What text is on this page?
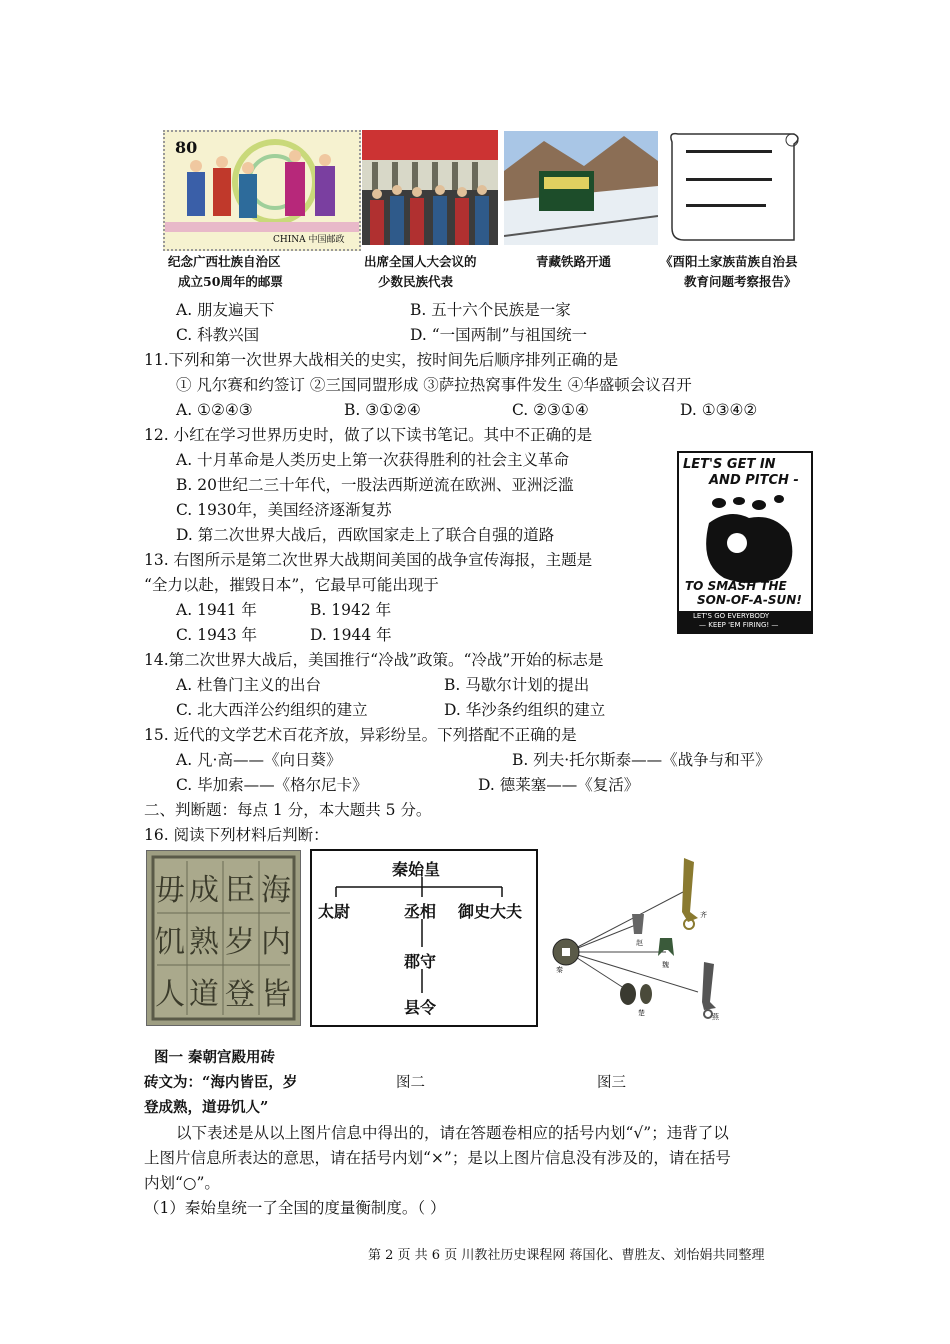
80
CHINA 中国邮政
纪念广西壮族自治区
成立50周年的邮票
出席全国人大会议的
少数民族代表
青藏铁路开通	《酉阳土家族苗族自治县
教育问题考察报告》
A. 朋友遍天下	B. 五十六个民族是一家
C. 科教兴国	D. “一国两制”与祖国统一
11.下列和第一次世界大战相关的史实，按时间先后顺序排列正确的是
① 凡尔赛和约签订 ②三国同盟形成 ③萨拉热窝事件发生 ④华盛顿会议召开
A. ①②④③	B. ③①②④	C. ②③①④	D. ①③④②
12. 小红在学习世界历史时，做了以下读书笔记。其中不正确的是
A. 十月革命是人类历史上第一次获得胜利的社会主义革命
B. 20世纪二三十年代，一股法西斯逆流在欧洲、亚洲泛滥
C. 1930年，美国经济逐渐复苏
D. 第二次世界大战后，西欧国家走上了联合自强的道路
LET'S GET IN
AND PITCH -
TO SMASH THE
SON-OF-A-SUN!
LET'S GO EVERYBODY
— KEEP 'EM FIRING! —
13. 右图所示是第二次世界大战期间美国的战争宣传海报，主题是
“全力以赴，摧毁日本”，它最早可能出现于
A. 1941 年	B. 1942 年
C. 1943 年	D. 1944 年
14.第二次世界大战后，美国推行“冷战”政策。“冷战”开始的标志是
A. 杜鲁门主义的出台	B. 马歇尔计划的提出
C. 北大西洋公约组织的建立	D. 华沙条约组织的建立
15. 近代的文学艺术百花齐放，异彩纷呈。下列搭配不正确的是
A. 凡·高——《向日葵》	B. 列夫·托尔斯泰——《战争与和平》
C. 毕加索——《格尔尼卡》	D. 德莱塞——《复活》
二、判断题：每点 1 分，本大题共 5 分。
16. 阅读下列材料后判断：
海
内
皆
臣
岁
登
成
熟
道
毋
饥
人
秦始皇
太尉	丞相 御史大夫
郡守
县令
秦
齐
赵
魏
楚	燕
图一 秦朝宫殿用砖
砖文为：“海内皆臣，岁
登成熟，道毋饥人”
图二	图三
以下表述是从以上图片信息中得出的，请在答题卷相应的括号内划“√”；违背了以
上图片信息所表达的意思，请在括号内划“×”；是以上图片信息没有涉及的，请在括号
内划“○”。
（1）秦始皇统一了全国的度量衡制度。（ ）
第 2 页 共 6 页 川教社历史课程网 蒋国化、曹胜友、刘怡娟共同整理
